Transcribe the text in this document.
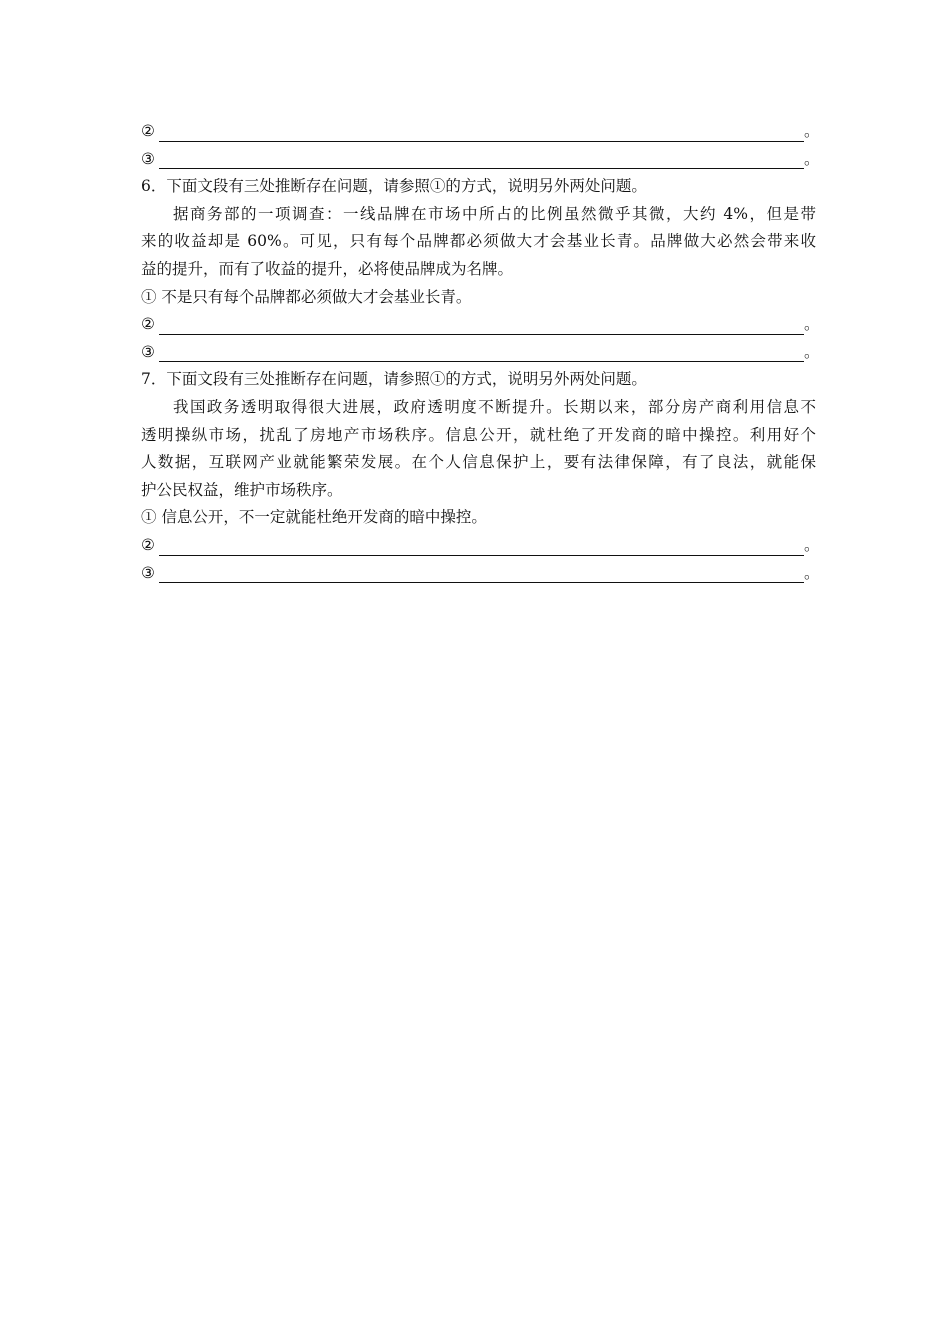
②	。
③	。
6．下面文段有三处推断存在问题，请参照①的方式，说明另外两处问题。
据商务部的一项调查：一线品牌在市场中所占的比例虽然微乎其微，大约 4%，但是带
来的收益却是 60%。可见，只有每个品牌都必须做大才会基业长青。品牌做大必然会带来收
益的提升，而有了收益的提升，必将使品牌成为名牌。
① 不是只有每个品牌都必须做大才会基业长青。
②	。
③	。
7．下面文段有三处推断存在问题，请参照①的方式，说明另外两处问题。
我国政务透明取得很大进展，政府透明度不断提升。长期以来，部分房产商利用信息不
透明操纵市场，扰乱了房地产市场秩序。信息公开，就杜绝了开发商的暗中操控。利用好个
人数据，互联网产业就能繁荣发展。在个人信息保护上，要有法律保障，有了良法，就能保
护公民权益，维护市场秩序。
① 信息公开，不一定就能杜绝开发商的暗中操控。
②	。
③	。
